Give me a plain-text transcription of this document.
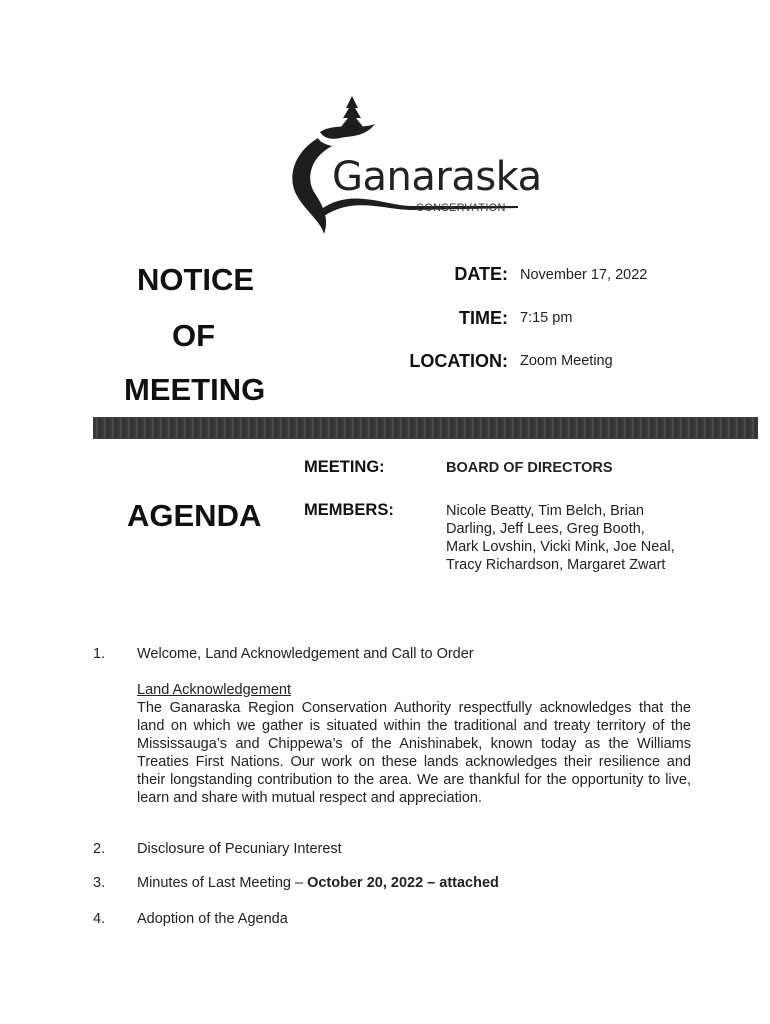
Ganaraska
CONSERVATION
NOTICE
OF
MEETING
DATE: November 17, 2022
TIME: 7:15 pm
LOCATION: Zoom Meeting
AGENDA
MEETING:	BOARD OF DIRECTORS
MEMBERS:	Nicole Beatty, Tim Belch, Brian
Darling, Jeff Lees, Greg Booth,
Mark Lovshin, Vicki Mink, Joe Neal,
Tracy Richardson, Margaret Zwart
1. Welcome, Land Acknowledgement and Call to Order
Land Acknowledgement
The Ganaraska Region Conservation Authority respectfully acknowledges that the land on which we gather is situated within the traditional and treaty territory of the Mississauga’s and Chippewa’s of the Anishinabek, known today as the Williams Treaties First Nations. Our work on these lands acknowledges their resilience and their longstanding contribution to the area. We are thankful for the opportunity to live, learn and share with mutual respect and appreciation.
2. Disclosure of Pecuniary Interest
3. Minutes of Last Meeting – October 20, 2022 – attached
4. Adoption of the Agenda
